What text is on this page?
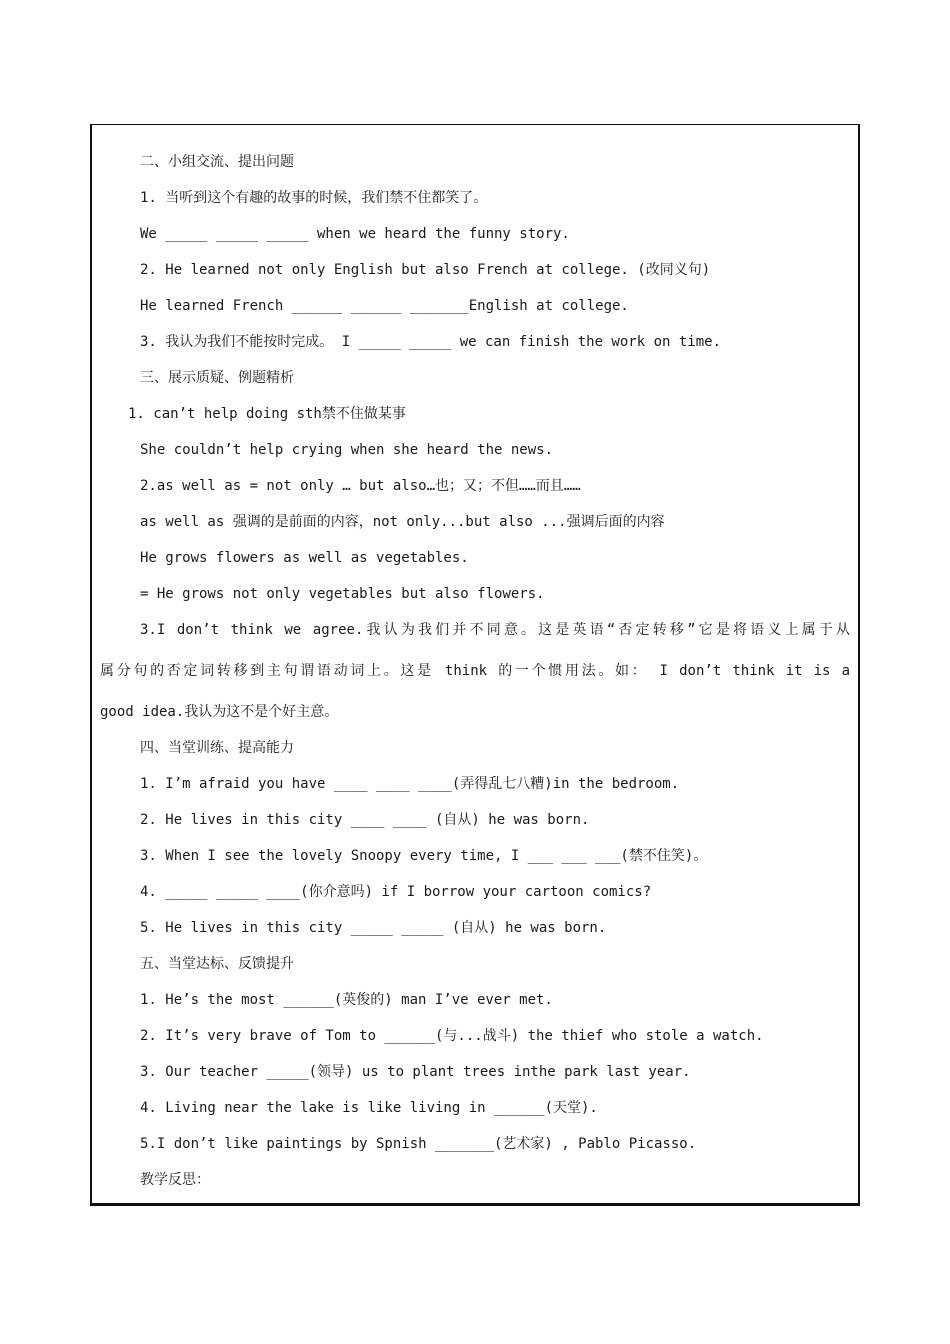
二、小组交流、提出问题
1. 当听到这个有趣的故事的时候，我们禁不住都笑了。
We _____ _____ _____ when we heard the funny story.
2. He learned not only English but also French at college. (改同义句)
He learned French ______ ______ _______English at college.
3. 我认为我们不能按时完成。 I _____ _____ we can finish the work on time.
三、展示质疑、例题精析
1. can’t help doing sth禁不住做某事
She couldn’t help crying when she heard the news.
2.as well as = not only … but also…也；又；不但……而且……
as well as 强调的是前面的内容，not only...but also ...强调后面的内容
He grows flowers as well as vegetables.
= He grows not only vegetables but also flowers.
3.I don’t think we agree.我认为我们并不同意。这是英语“否定转移”它是将语义上属于从
属分句的否定词转移到主句谓语动词上。这是 think 的一个惯用法。如： I don’t think it is a
good idea.我认为这不是个好主意。
四、当堂训练、提高能力
1. I’m afraid you have ____ ____ ____(弄得乱七八糟)in the bedroom.
2. He lives in this city ____ ____ (自从) he was born.
3. When I see the lovely Snoopy every time, I ___ ___ ___(禁不住笑)。
4. _____ _____ ____(你介意吗) if I borrow your cartoon comics?
5. He lives in this city _____ _____ (自从) he was born.
五、当堂达标、反馈提升
1. He’s the most ______(英俊的) man I’ve ever met.
2. It’s very brave of Tom to ______(与...战斗) the thief who stole a watch.
3. Our teacher _____(领导) us to plant trees inthe park last year.
4. Living near the lake is like living in ______(天堂).
5.I don’t like paintings by Spnish _______(艺术家) , Pablo Picasso.
教学反思：
